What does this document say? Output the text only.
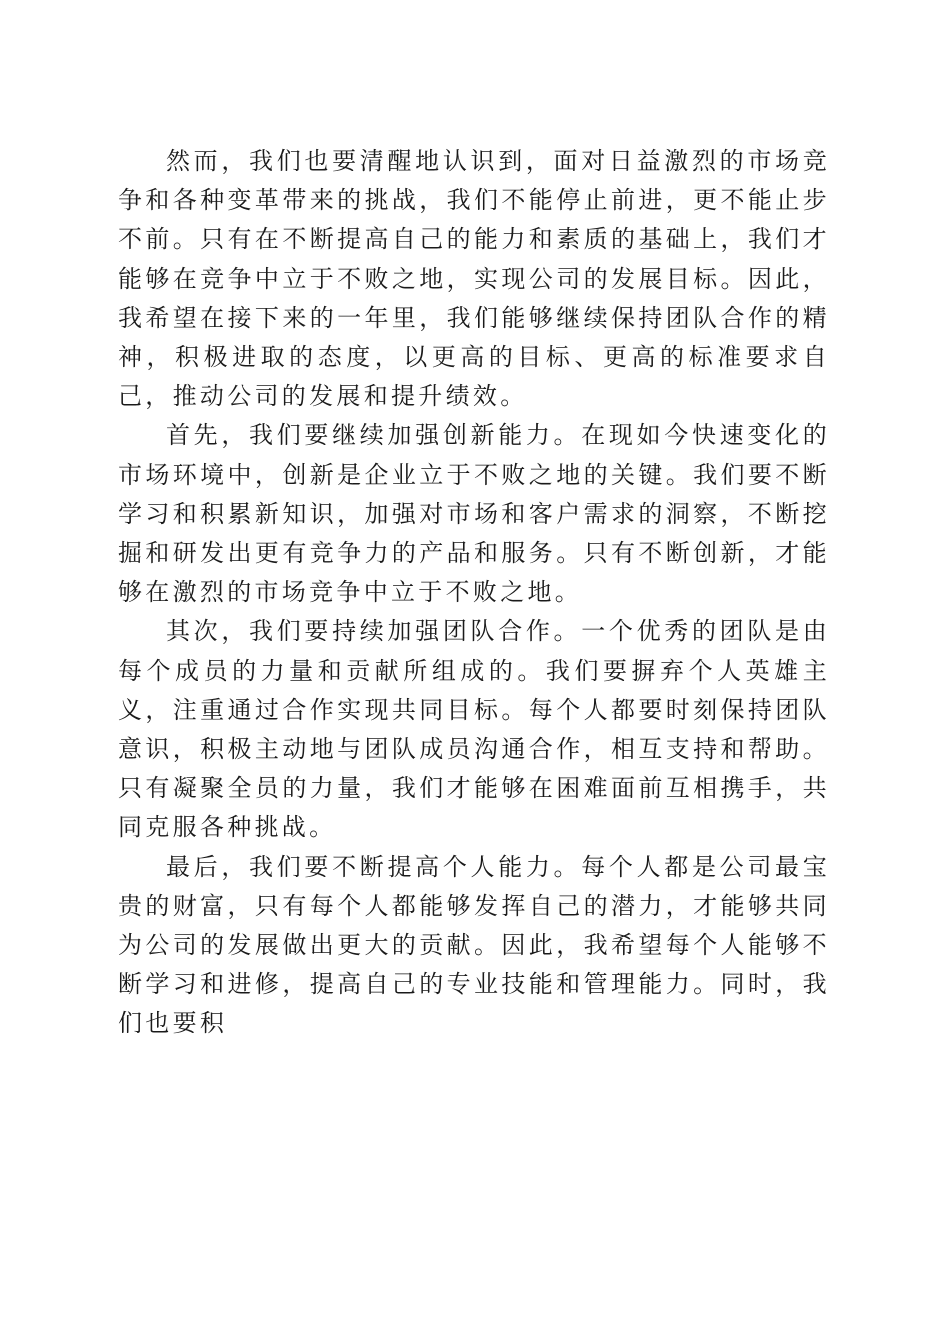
然而，我们也要清醒地认识到，面对日益激烈的市场竞争和各种变革带来的挑战，我们不能停止前进，更不能止步不前。只有在不断提高自己的能力和素质的基础上，我们才能够在竞争中立于不败之地，实现公司的发展目标。因此，我希望在接下来的一年里，我们能够继续保持团队合作的精神，积极进取的态度，以更高的目标、更高的标准要求自己，推动公司的发展和提升绩效。

首先，我们要继续加强创新能力。在现如今快速变化的市场环境中，创新是企业立于不败之地的关键。我们要不断学习和积累新知识，加强对市场和客户需求的洞察，不断挖掘和研发出更有竞争力的产品和服务。只有不断创新，才能够在激烈的市场竞争中立于不败之地。

其次，我们要持续加强团队合作。一个优秀的团队是由每个成员的力量和贡献所组成的。我们要摒弃个人英雄主义，注重通过合作实现共同目标。每个人都要时刻保持团队意识，积极主动地与团队成员沟通合作，相互支持和帮助。只有凝聚全员的力量，我们才能够在困难面前互相携手，共同克服各种挑战。

最后，我们要不断提高个人能力。每个人都是公司最宝贵的财富，只有每个人都能够发挥自己的潜力，才能够共同为公司的发展做出更大的贡献。因此，我希望每个人能够不断学习和进修，提高自己的专业技能和管理能力。同时，我们也要积
